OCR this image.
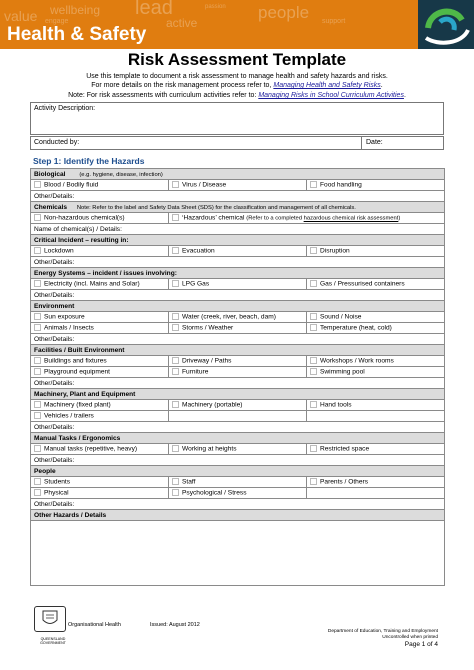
value wellbeing lead	people
engage	active
passion
support
Health & Safety
Risk Assessment Template
Use this template to document a risk assessment to manage health and safety hazards and risks.
For more details on the risk management process refer to, Managing Health and Safety Risks.
Note: For risk assessments with curriculum activities refer to: Managing Risks in School Curriculum Activities.
Activity Description:
Conducted by:	Date:
Step 1: Identify the Hazards
Biological (e.g. hygiene, disease, infection)		
Blood / Bodily fluid	Virus / Disease	Food handling
Other/Details:		
Chemicals Note: Refer to the label and Safety Data Sheet (SDS) for the classification and management of all chemicals.		
Non-hazardous chemical(s)	‘Hazardous’ chemical (Refer to a completed hazardous chemical risk assessment)	
Name of chemical(s) / Details:		
Critical Incident – resulting in:		
Lockdown	Evacuation	Disruption
Other/Details:		
Energy Systems – incident / issues involving:		
Electricity (incl. Mains and Solar)	LPG Gas	Gas / Pressurised containers
Other/Details:		
Environment		
Sun exposure	Water (creek, river, beach, dam)	Sound / Noise
Animals / Insects	Storms / Weather	Temperature (heat, cold)
Other/Details:		
Facilities / Built Environment		
Buildings and fixtures	Driveway / Paths	Workshops / Work rooms
Playground equipment	Furniture	Swimming pool
Other/Details:		
Machinery, Plant and Equipment		
Machinery (fixed plant)	Machinery (portable)	Hand tools
Vehicles / trailers		
Other/Details:		
Manual Tasks / Ergonomics		
Manual tasks (repetitive, heavy)	Working at heights	Restricted space
Other/Details:		
People		
Students	Staff	Parents / Others
Physical	Psychological / Stress	
Other/Details:		
Other Hazards / Details		

QUEENSLAND GOVERNMENT
Organisational Health	Issued: August 2012
Department of Education, Training and Employment
Uncontrolled when printed
Page 1 of 4
